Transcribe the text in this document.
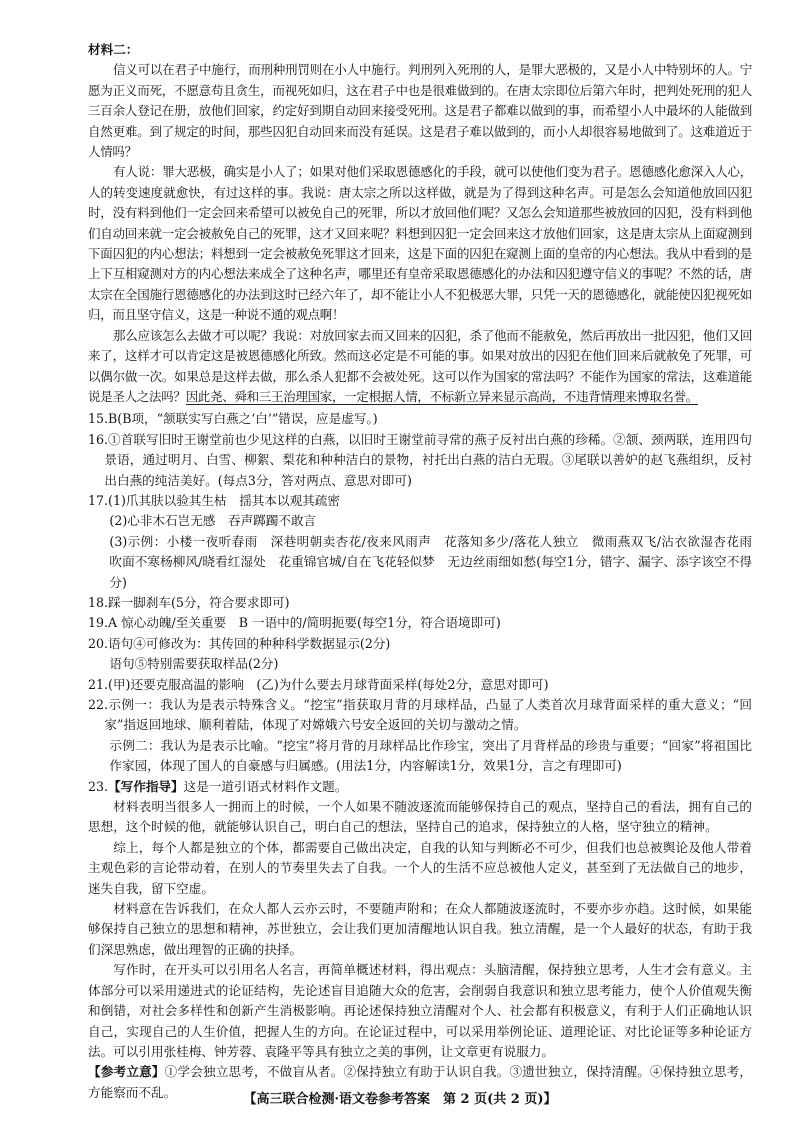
材料二：

信义可以在君子中施行，而刑种刑罚则在小人中施行。判刑列入死刑的人，是罪大恶极的，又是小人中特别坏的人。宁愿为正义而死，不愿意苟且贪生，而视死如归，这在君子中也是很难做到的。在唐太宗即位后第六年时，把判处死刑的犯人三百余人登记在册，放他们回家，约定好到期自动回来接受死刑。这是君子都难以做到的事，而希望小人中最坏的人能做到自然更难。到了规定的时间，那些囚犯自动回来而没有延误。这是君子难以做到的，而小人却很容易地做到了。这难道近于人情吗？

有人说：罪大恶极，确实是小人了；如果对他们采取恩德感化的手段，就可以使他们变为君子。恩德感化愈深入人心，人的转变速度就愈快，有过这样的事。我说：唐太宗之所以这样做，就是为了得到这种名声。可是怎么会知道他放回囚犯时，没有料到他们一定会回来希望可以被免自己的死罪，所以才放回他们呢？又怎么会知道那些被放回的囚犯，没有料到他们自动回来就一定会被赦免自己的死罪，这才又回来呢？料想到囚犯一定会回来这才放他们回家，这是唐太宗从上面窥测到下面囚犯的内心想法；料想到一定会被赦免死罪这才回来，这是下面的囚犯在窥测上面的皇帝的内心想法。我从中看到的是上下互相窥测对方的内心想法来成全了这种名声，哪里还有皇帝采取恩德感化的办法和囚犯遵守信义的事呢？不然的话，唐太宗在全国施行恩德感化的办法到这时已经六年了，却不能让小人不犯极恶大罪，只凭一天的恩德感化，就能使囚犯视死如归，而且坚守信义，这是一种说不通的观点啊！

那么应该怎么去做才可以呢？我说：对放回家去而又回来的囚犯，杀了他而不能赦免，然后再放出一批囚犯，他们又回来了，这样才可以肯定这是被恩德感化所致。然而这必定是不可能的事。如果对放出的囚犯在他们回来后就赦免了死罪，可以偶尔做一次。如果总是这样去做，那么杀人犯都不会被处死。这可以作为国家的常法吗？不能作为国家的常法，这难道能说是圣人之法吗？因此尧、舜和三王治理国家，一定根据人情，不标新立异来显示高尚，不违背情理来博取名誉。

15.B(B项，“颔联实写白燕之‘白’”错误，应是虚写。)

16.①首联写旧时王谢堂前也少见这样的白燕，以旧时王谢堂前寻常的燕子反衬出白燕的珍稀。②颔、颈两联，连用四句景语，通过明月、白雪、柳絮、梨花和种种洁白的景物，衬托出白燕的洁白无瑕。③尾联以善妒的赵飞燕组织，反衬出白燕的纯洁美好。(每点3分，答对两点、意思对即可)

17.(1)爪其肤以验其生枯　揺其本以观其疏密

(2)心非木石岂无感　吞声踯躅不敢言

(3)示例：小楼一夜听春雨　深巷明朝卖杏花/夜来风雨声　花落知多少/落花人独立　微雨燕双飞/沾衣欲湿杏花雨　吹面不寒杨柳风/晓看红湿处　花重锦官城/自在飞花轻似梦　无边丝雨细如愁(每空1分，错字、漏字、添字该空不得分)

18.踩一脚刹车(5分，符合要求即可)

19.A 惊心动魄/至关重要　B 一语中的/简明扼要(每空1分，符合语境即可)

20.语句④可修改为：其传回的种种科学数据显示(2分)

语句⑤特别需要获取样品(2分)

21.(甲)还要克服高温的影响　(乙)为什么要去月球背面采样(每处2分，意思对即可)

22.示例一：我认为是表示特殊含义。“挖宝”指获取月背的月球样品，凸显了人类首次月球背面采样的重大意义；“回家”指返回地球、顺利着陆，体现了对嫦娥六号安全返回的关切与激动之情。

示例二：我认为是表示比喻。“挖宝”将月背的月球样品比作珍宝，突出了月背样品的珍贵与重要；“回家”将祖国比作家园，体现了国人的自豪感与归属感。(用法1分，内容解读1分，效果1分，言之有理即可)

23.【写作指导】这是一道引语式材料作文题。

材料表明当很多人一拥而上的时候，一个人如果不随波逐流而能够保持自己的观点，坚持自己的看法，拥有自己的思想，这个时候的他，就能够认识自己，明白自己的想法，坚持自己的追求，保持独立的人格，坚守独立的精神。

综上，每个人都是独立的个体，都需要自己做出决定，自我的认知与判断必不可少，但我们也总被舆论及他人带着主观色彩的言论带动着，在别人的节奏里失去了自我。一个人的生活不应总被他人定义，甚至到了无法做自己的地步，迷失自我，留下空虚。

材料意在告诉我们，在众人都人云亦云时，不要随声附和；在众人都随波逐流时，不要亦步亦趋。这时候，如果能够保持自己独立的思想和精神，苏世独立，会让我们更加清醒地认识自我。独立清醒，是一个人最好的状态，有助于我们深思熟虑，做出理智的正确的抉择。

写作时，在开头可以引用名人名言，再简单概述材料，得出观点：头脑清醒，保持独立思考，人生才会有意义。主体部分可以采用递进式的论证结构，先论述盲目追随大众的危害，会削弱自我意识和独立思考能力，使个人价值观失衡和倒错，对社会多样性和创新产生消极影响。再论述保持独立清醒对个人、社会都有积极意义，有利于人们正确地认识自己，实现自己的人生价值，把握人生的方向。在论证过程中，可以采用举例论证、道理论证、对比论证等多种论证方法。可以引用张桂梅、钟芳蓉、袁隆平等具有独立之美的事例，让文章更有说服力。

【参考立意】①学会独立思考，不做盲从者。②保持独立有助于认识自我。③遗世独立，保持清醒。④保持独立思考，方能察而不乱。	【高三联合检测·语文卷参考答案　第 2 页(共 2 页)】
